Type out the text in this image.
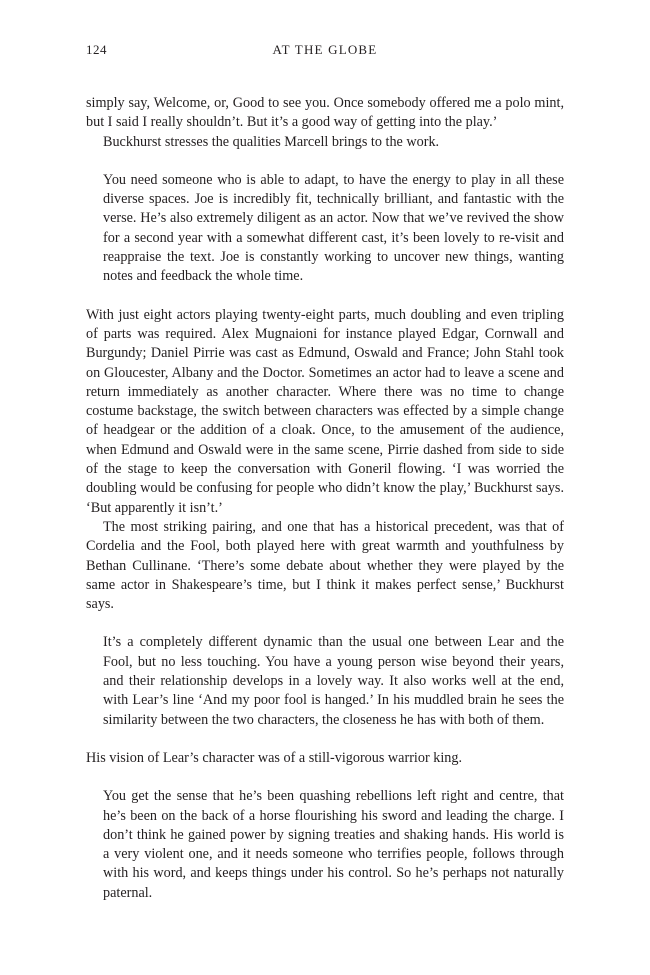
124	AT THE GLOBE

simply say, Welcome, or, Good to see you. Once somebody offered me a polo mint, but I said I really shouldn’t. But it’s a good way of getting into the play.’

Buckhurst stresses the qualities Marcell brings to the work.

You need someone who is able to adapt, to have the energy to play in all these diverse spaces. Joe is incredibly fit, technically brilliant, and fantastic with the verse. He’s also extremely diligent as an actor. Now that we’ve revived the show for a second year with a somewhat different cast, it’s been lovely to re-visit and reappraise the text. Joe is constantly working to uncover new things, wanting notes and feedback the whole time.

With just eight actors playing twenty-eight parts, much doubling and even tripling of parts was required. Alex Mugnaioni for instance played Edgar, Cornwall and Burgundy; Daniel Pirrie was cast as Edmund, Oswald and France; John Stahl took on Gloucester, Albany and the Doctor. Sometimes an actor had to leave a scene and return immediately as another character. Where there was no time to change costume backstage, the switch between characters was effected by a simple change of headgear or the addition of a cloak. Once, to the amusement of the audience, when Edmund and Oswald were in the same scene, Pirrie dashed from side to side of the stage to keep the conversation with Goneril flowing. ‘I was worried the doubling would be confusing for people who didn’t know the play,’ Buckhurst says. ‘But apparently it isn’t.’

The most striking pairing, and one that has a historical precedent, was that of Cordelia and the Fool, both played here with great warmth and youthfulness by Bethan Cullinane. ‘There’s some debate about whether they were played by the same actor in Shakespeare’s time, but I think it makes perfect sense,’ Buckhurst says.

It’s a completely different dynamic than the usual one between Lear and the Fool, but no less touching. You have a young person wise beyond their years, and their relationship develops in a lovely way. It also works well at the end, with Lear’s line ‘And my poor fool is hanged.’ In his muddled brain he sees the similarity between the two characters, the closeness he has with both of them.

His vision of Lear’s character was of a still-vigorous warrior king.

You get the sense that he’s been quashing rebellions left right and centre, that he’s been on the back of a horse flourishing his sword and leading the charge. I don’t think he gained power by signing treaties and shaking hands. His world is a very violent one, and it needs someone who terrifies people, follows through with his word, and keeps things under his control. So he’s perhaps not naturally paternal.
